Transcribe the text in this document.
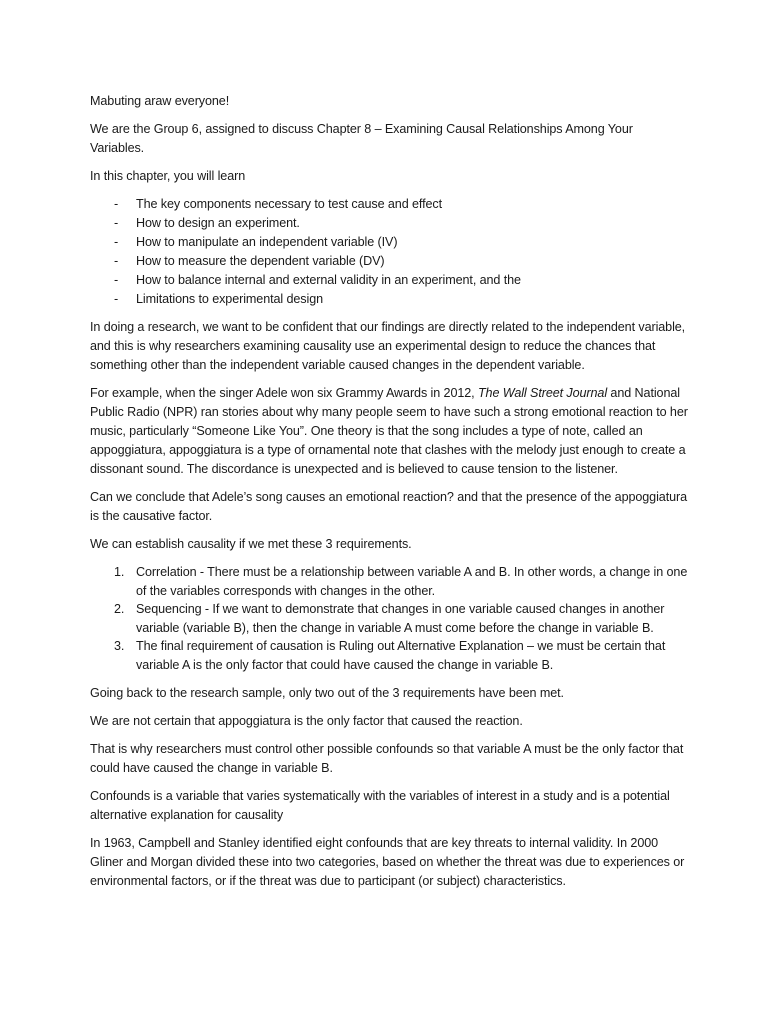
Mabuting araw everyone!

We are the Group 6, assigned to discuss Chapter 8 – Examining Causal Relationships Among Your Variables.

In this chapter, you will learn

- The key components necessary to test cause and effect
- How to design an experiment.
- How to manipulate an independent variable (IV)
- How to measure the dependent variable (DV)
- How to balance internal and external validity in an experiment, and the
- Limitations to experimental design

In doing a research, we want to be confident that our findings are directly related to the independent variable, and this is why researchers examining causality use an experimental design to reduce the chances that something other than the independent variable caused changes in the dependent variable.

For example, when the singer Adele won six Grammy Awards in 2012, The Wall Street Journal and National Public Radio (NPR) ran stories about why many people seem to have such a strong emotional reaction to her music, particularly “Someone Like You”. One theory is that the song includes a type of note, called an appoggiatura, appoggiatura is a type of ornamental note that clashes with the melody just enough to create a dissonant sound. The discordance is unexpected and is believed to cause tension to the listener.

Can we conclude that Adele’s song causes an emotional reaction? and that the presence of the appoggiatura is the causative factor.

We can establish causality if we met these 3 requirements.

1. Correlation - There must be a relationship between variable A and B. In other words, a change in one of the variables corresponds with changes in the other.
2. Sequencing - If we want to demonstrate that changes in one variable caused changes in another variable (variable B), then the change in variable A must come before the change in variable B.
3. The final requirement of causation is Ruling out Alternative Explanation – we must be certain that variable A is the only factor that could have caused the change in variable B.

Going back to the research sample, only two out of the 3 requirements have been met.

We are not certain that appoggiatura is the only factor that caused the reaction.

That is why researchers must control other possible confounds so that variable A must be the only factor that could have caused the change in variable B.

Confounds is a variable that varies systematically with the variables of interest in a study and is a potential alternative explanation for causality

In 1963, Campbell and Stanley identified eight confounds that are key threats to internal validity. In 2000 Gliner and Morgan divided these into two categories, based on whether the threat was due to experiences or environmental factors, or if the threat was due to participant (or subject) characteristics.
